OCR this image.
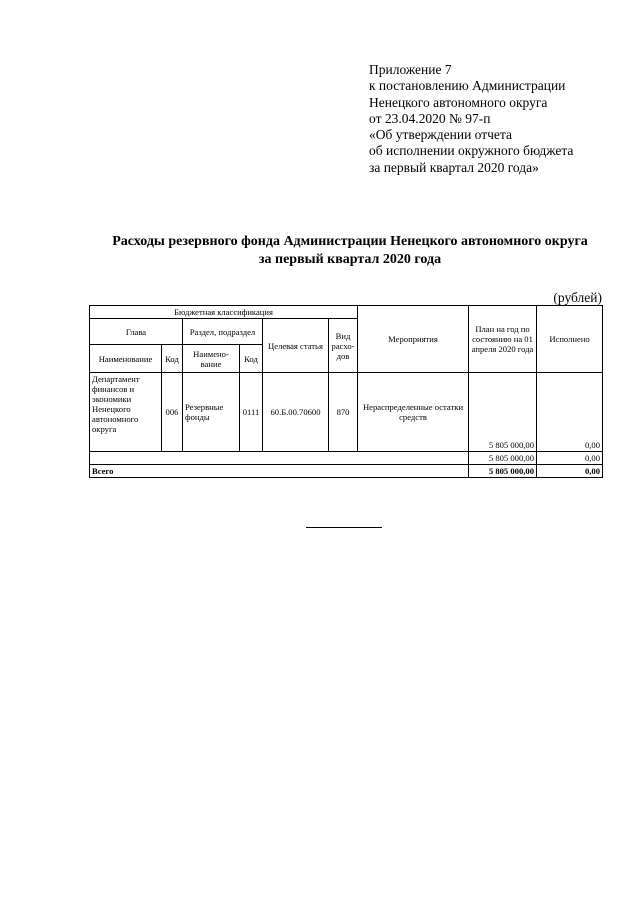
Приложение 7
к постановлению Администрации
Ненецкого автономного округа
от 23.04.2020 № 97-п
«Об утверждении отчета
об исполнении окружного бюджета
за первый квартал 2020 года»
Расходы резервного фонда Администрации Ненецкого автономного округа
за первый квартал 2020 года
(рублей)
Бюджетная классификация						Мероприятия	План на год по состоянию на 01 апреля 2020 года	Исполнено
Глава		Раздел, подраздел		Целевая статья	Вид расхо-дов			
Наименование	Код	Наимено-вание	Код					
Департамент финансов и экономики Ненецкого автономного округа	006	Резервные фонды	0111	60.Б.00.70600	870	Нераспределенные остатки средств	5 805 000,00	0,00
							5 805 000,00	0,00
Всего							5 805 000,00	0,00
